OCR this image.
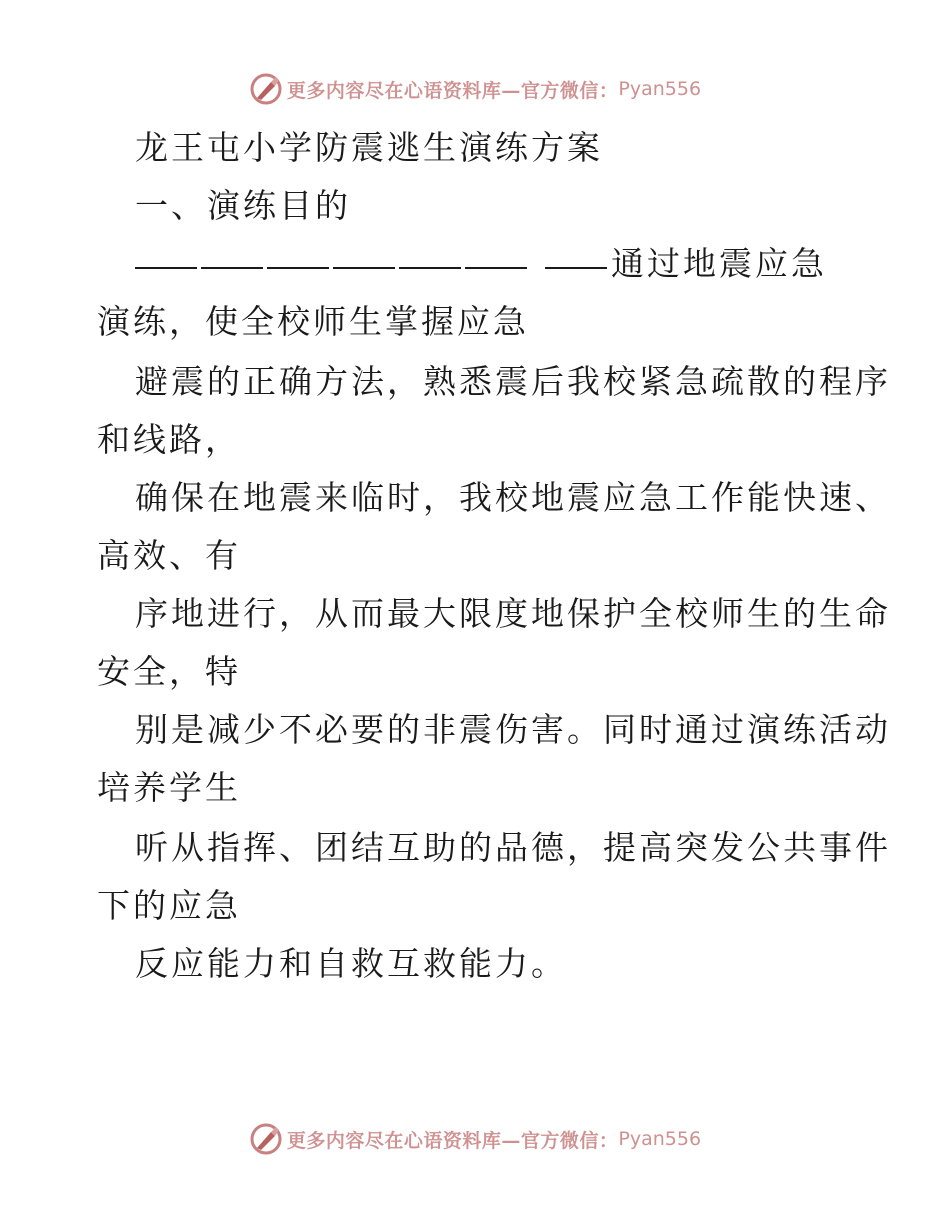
更多内容尽在心语资料库—官方微信： Pyan556
龙王屯小学防震逃生演练方案
一、演练目的
通过地震应急
演练，使全校师生掌握应急
避震的正确方法，熟悉震后我校紧急疏散的程序
和线路，
确保在地震来临时，我校地震应急工作能快速、
高效、有
序地进行，从而最大限度地保护全校师生的生命
安全，特
别是减少不必要的非震伤害。同时通过演练活动
培养学生
听从指挥、团结互助的品德，提高突发公共事件
下的应急
反应能力和自救互救能力。
更多内容尽在心语资料库—官方微信： Pyan556
